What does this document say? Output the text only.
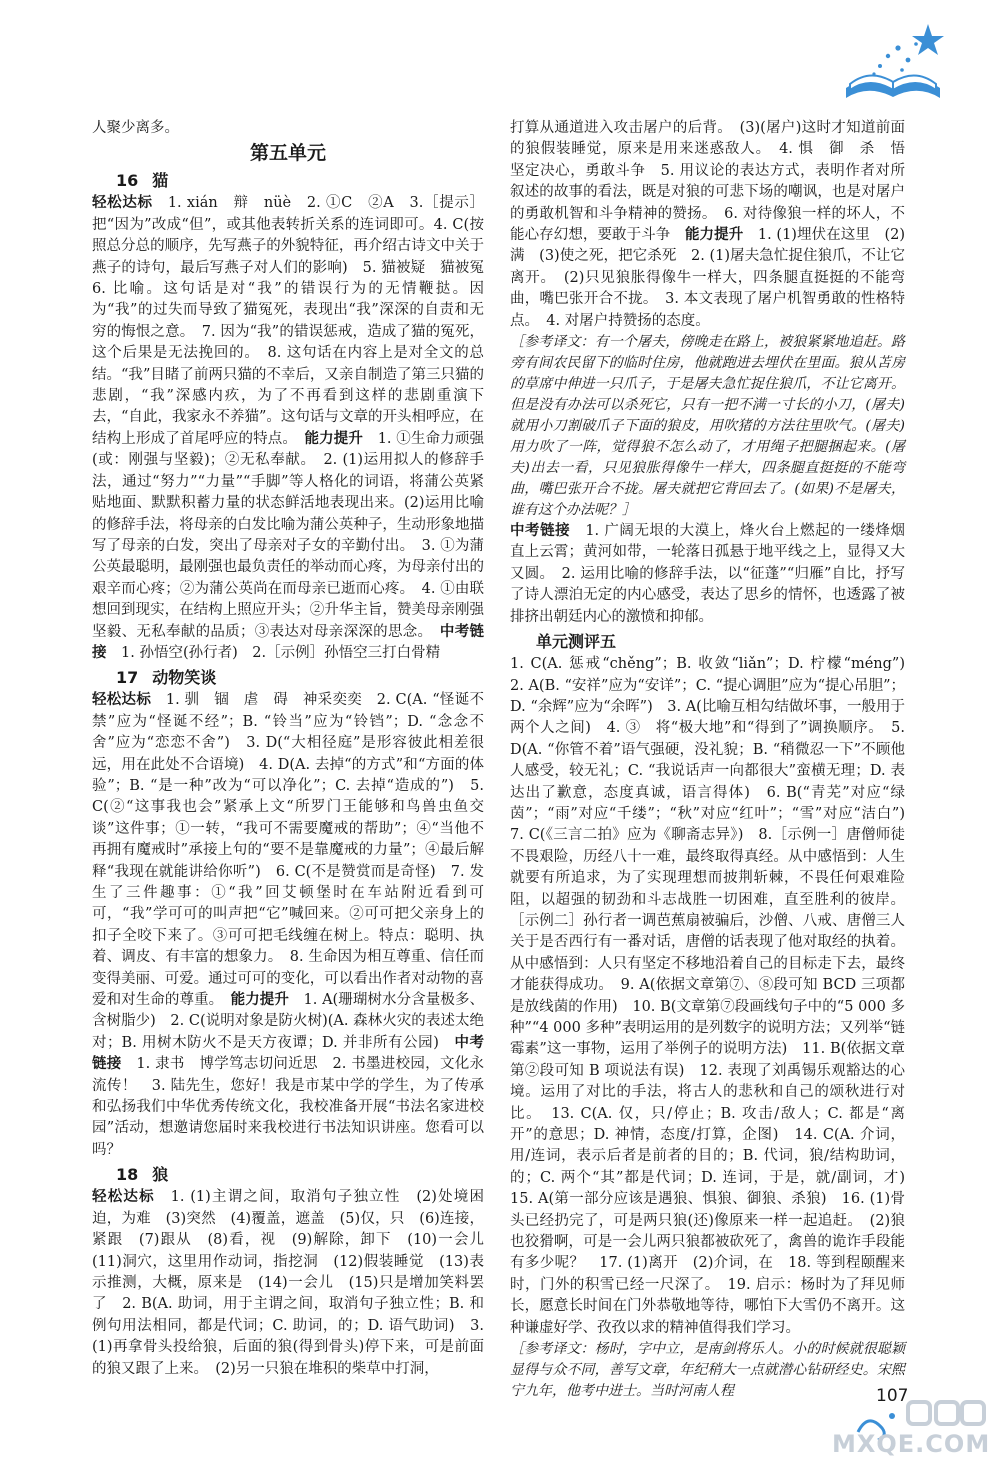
人聚少离多。

第五单元
16 猫

轻松达标　 1. xián　辩　nüè　2. ①C　②A　3.［提示］把“因为”改成“但”，或其他表转折关系的连词即可。4. C(按照总分总的顺序，先写燕子的外貌特征，再介绍古诗文中关于燕子的诗句，最后写燕子对人们的影响)　5. 猫被疑　猫被冤　6. 比喻。这句话是对“我”的错误行为的无情鞭挞。因为“我”的过失而导致了猫冤死，表现出“我”深深的自责和无穷的悔恨之意。　7. 因为“我”的错误惩戒，造成了猫的冤死，这个后果是无法挽回的。　8. 这句话在内容上是对全文的总结。“我”目睹了前两只猫的不幸后，又亲自制造了第三只猫的悲剧，“我”深感内疚，为了不再看到这样的悲剧重演下去，“自此，我家永不养猫”。这句话与文章的开头相呼应，在结构上形成了首尾呼应的特点。　 能力提升　 1. ①生命力顽强(或：刚强与坚毅)；②无私奉献。　2. (1)运用拟人的修辞手法，通过“努力”“力量”“手脚”等人格化的词语，将蒲公英紧贴地面、默默积蓄力量的状态鲜活地表现出来。(2)运用比喻的修辞手法，将母亲的白发比喻为蒲公英种子，生动形象地描写了母亲的白发，突出了母亲对子女的辛勤付出。　3. ①为蒲公英最聪明，最刚强也最负责任的举动而心疼，为母亲付出的艰辛而心疼；②为蒲公英尚在而母亲已逝而心疼。　4. ①由联想回到现实，在结构上照应开头；②升华主旨，赞美母亲刚强坚毅、无私奉献的品质；③表达对母亲深深的思念。　 中考链接　 1. 孙悟空(孙行者)　2.［示例］孙悟空三打白骨精

17 动物笑谈

轻松达标　 1. 驯　锢　虐　碍　神采奕奕　2. C(A. “怪诞不禁”应为“怪诞不经”；B. “铃当”应为“铃铛”；D. “念念不舍”应为“恋恋不舍”)　3. D(“大相径庭”是形容彼此相差很远，用在此处不合语境)　4. D(A. 去掉“的方式”和“方面的体验”；B. “是一种”改为“可以净化”；C. 去掉“造成的”)　5. C(②“这事我也会”紧承上文“所罗门王能够和鸟兽虫鱼交谈”这件事；①一转，“我可不需要魔戒的帮助”；④“当他不再拥有魔戒时”承接上句的“要不是靠魔戒的力量”；④最后解释“我现在就能讲给你听”)　6. C(不是赞赏而是奇怪)　7. 发生了三件趣事：①“我”回艾顿堡时在车站附近看到可可，“我”学可可的叫声把“它”喊回来。②可可把父亲身上的扣子全咬下来了。③可可把毛线缠在树上。特点：聪明、执着、调皮、有丰富的想象力。　8. 生命因为相互尊重、信任而变得美丽、可爱。通过可可的变化，可以看出作者对动物的喜爱和对生命的尊重。　 能力提升　 1. A(珊瑚树水分含量极多、含树脂少)　2. C(说明对象是防火树)(A. 森林火灾的表述太绝对；B. 用树木防火不是天方夜谭；D. 并非所有公园)　 中考链接　 1. 隶书　博学笃志切问近思　2. 书墨进校园，文化永流传！　3. 陆先生，您好！我是市某中学的学生，为了传承和弘扬我们中华优秀传统文化，我校准备开展“书法名家进校园”活动，想邀请您届时来我校进行书法知识讲座。您看可以吗？

18 狼

轻松达标　 1. (1)主谓之间，取消句子独立性　(2)处境困迫，为难　(3)突然　(4)覆盖，遮盖　(5)仅，只　(6)连接，紧跟　(7)跟从　(8)看，视　(9)解除，卸下　(10)一会儿　(11)洞穴，这里用作动词，指挖洞　(12)假装睡觉　(13)表示推测，大概，原来是　(14)一会儿　(15)只是增加笑料罢了　2. B(A. 助词，用于主谓之间，取消句子独立性；B. 和例句用法相同，都是代词；C. 助词，的；D. 语气助词)　3. (1)再拿骨头投给狼，后面的狼(得到骨头)停下来，可是前面的狼又跟了上来。　(2)另一只狼在堆积的柴草中打洞，

打算从通道进入攻击屠户的后背。　(3)(屠户)这时才知道前面的狼假装睡觉，原来是用来迷惑敌人。　4. 惧　御　杀　悟　坚定决心，勇敢斗争　5. 用议论的表达方式，表明作者对所叙述的故事的看法，既是对狼的可悲下场的嘲讽，也是对屠户的勇敢机智和斗争精神的赞扬。　6. 对待像狼一样的坏人，不能心存幻想，要敢于斗争　 能力提升　 1. (1)埋伏在这里　(2)满　(3)使之死，把它杀死　2. (1)屠夫急忙捉住狼爪，不让它离开。　(2)只见狼胀得像牛一样大，四条腿直挺挺的不能弯曲，嘴巴张开合不拢。　3. 本文表现了屠户机智勇敢的性格特点。　4. 对屠户持赞扬的态度。

［参考译文：有一个屠夫，傍晚走在路上，被狼紧紧地追赶。路旁有间农民留下的临时住房，他就跑进去埋伏在里面。狼从苫房的草席中伸进一只爪子，于是屠夫急忙捉住狼爪，不让它离开。但是没有办法可以杀死它，只有一把不满一寸长的小刀，(屠夫)就用小刀割破爪子下面的狼皮，用吹猪的方法往里吹气。(屠夫)用力吹了一阵，觉得狼不怎么动了，才用绳子把腿捆起来。(屠夫)出去一看，只见狼胀得像牛一样大，四条腿直挺挺的不能弯曲，嘴巴张开合不拢。屠夫就把它背回去了。(如果)不是屠夫，谁有这个办法呢？］

中考链接　 1. 广阔无垠的大漠上，烽火台上燃起的一缕烽烟直上云霄；黄河如带，一轮落日孤悬于地平线之上，显得又大又圆。　2. 运用比喻的修辞手法，以“征蓬”“归雁”自比，抒写了诗人漂泊无定的内心感受，表达了思乡的情怀，也透露了被排挤出朝廷内心的激愤和抑郁。

单元测评五

1. C(A. 惩戒“chěng”；B. 收敛“liǎn”；D. 柠檬“méng”)　2. A(B. “安祥”应为“安详”；C. “提心调胆”应为“提心吊胆”；D. “余辉”应为“余晖”)　3. A(比喻互相勾结做坏事，一般用于两个人之间)　4. ③　将“极大地”和“得到了”调换顺序。　5. D(A. “你管不着”语气强硬，没礼貌；B. “稍微忍一下”不顾他人感受，较无礼；C. “我说话声一向都很大”蛮横无理；D. 表达出了歉意，态度真诚，语言得体)　6. B(“青芜”对应“绿茵”；“雨”对应“千缕”；“秋”对应“红叶”；“雪”对应“洁白”)　7. C(《三言二拍》应为《聊斋志异》)　8.［示例一］唐僧师徒不畏艰险，历经八十一难，最终取得真经。从中感悟到：人生就要有所追求，为了实现理想而披荆斩棘，不畏任何艰难险阻，以超强的韧劲和斗志战胜一切困难，直至胜利的彼岸。［示例二］孙行者一调芭蕉扇被骗后，沙僧、八戒、唐僧三人关于是否西行有一番对话，唐僧的话表现了他对取经的执着。从中感悟到：人只有坚定不移地沿着自己的目标走下去，最终才能获得成功。　9. A(依据文章第⑦、⑧段可知 BCD 三项都是放线菌的作用)　10. B(文章第⑦段画线句子中的“5 000 多种”“4 000 多种”表明运用的是列数字的说明方法；又列举“链霉素”这一事物，运用了举例子的说明方法)　11. B(依据文章第②段可知 B 项说法有误)　12. 表现了刘禹锡乐观豁达的心境。运用了对比的手法，将古人的悲秋和自己的颂秋进行对比。　13. C(A. 仅，只/停止；B. 攻击/敌人；C. 都是“离开”的意思；D. 神情，态度/打算，企图)　14. C(A. 介词，用/连词，表示后者是前者的目的；B. 代词，狼/结构助词，的；C. 两个“其”都是代词；D. 连词，于是，就/副词，才)　15. A(第一部分应该是遇狼、惧狼、御狼、杀狼)　16. (1)骨头已经扔完了，可是两只狼(还)像原来一样一起追赶。　(2)狼也狡猾啊，可是一会儿两只狼都被砍死了，禽兽的诡诈手段能有多少呢？　17. (1)离开　(2)介词，在　18. 等到程颐醒来时，门外的积雪已经一尺深了。　19. 启示：杨时为了拜见师长，愿意长时间在门外恭敬地等待，哪怕下大雪仍不离开。这种谦虚好学、孜孜以求的精神值得我们学习。

［参考译文：杨时，字中立，是南剑将乐人。小的时候就很聪颖显得与众不同，善写文章，年纪稍大一点就潜心钻研经史。宋熙宁九年，他考中进士。当时河南人程	107
MXQE.COM
